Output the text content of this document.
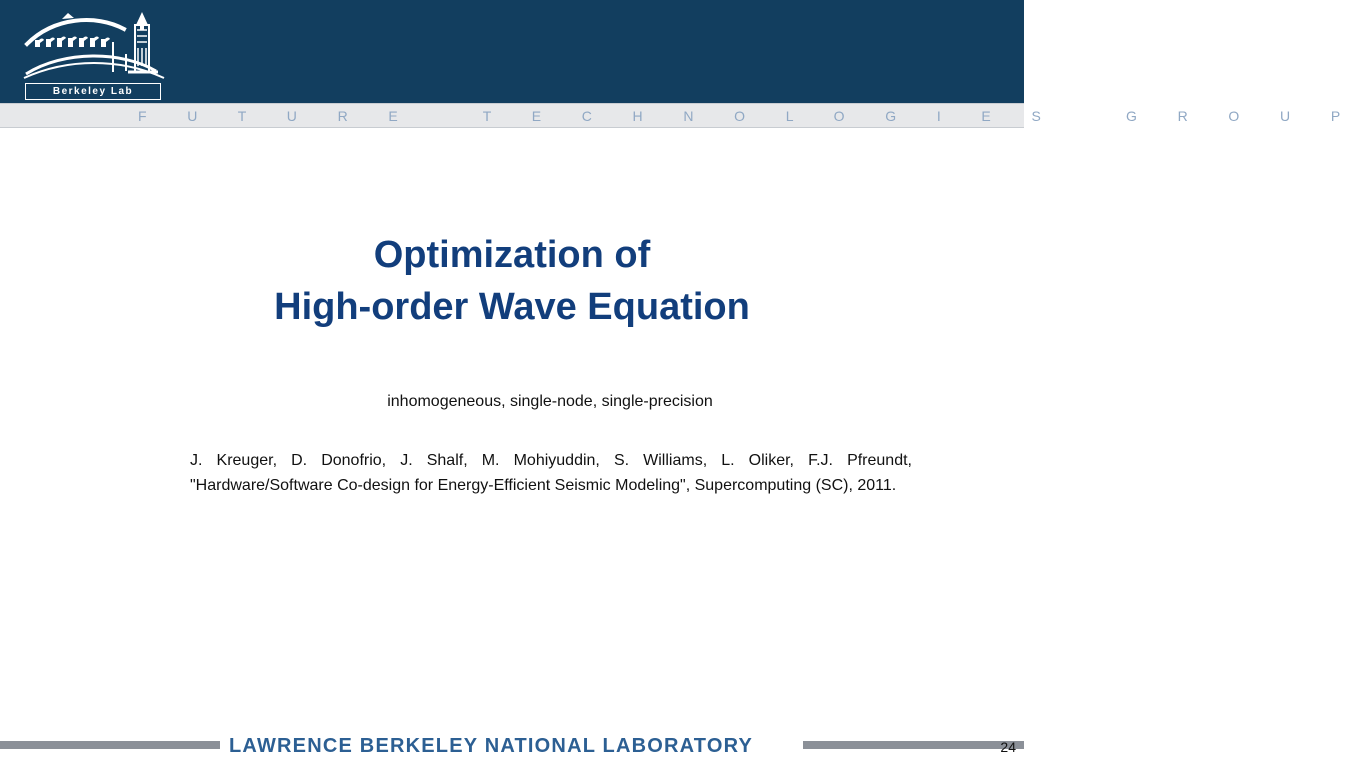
Berkeley Lab
F U T U R E   T E C H N O L O G I E S   G R O U P
Optimization of
High-order Wave Equation
inhomogeneous, single-node, single-precision
J. Kreuger, D. Donofrio, J. Shalf, M. Mohiyuddin, S. Williams, L. Oliker, F.J. Pfreundt, "Hardware/Software Co-design for Energy-Efficient Seismic Modeling", Supercomputing (SC), 2011.
LAWRENCE BERKELEY NATIONAL LABORATORY	24
